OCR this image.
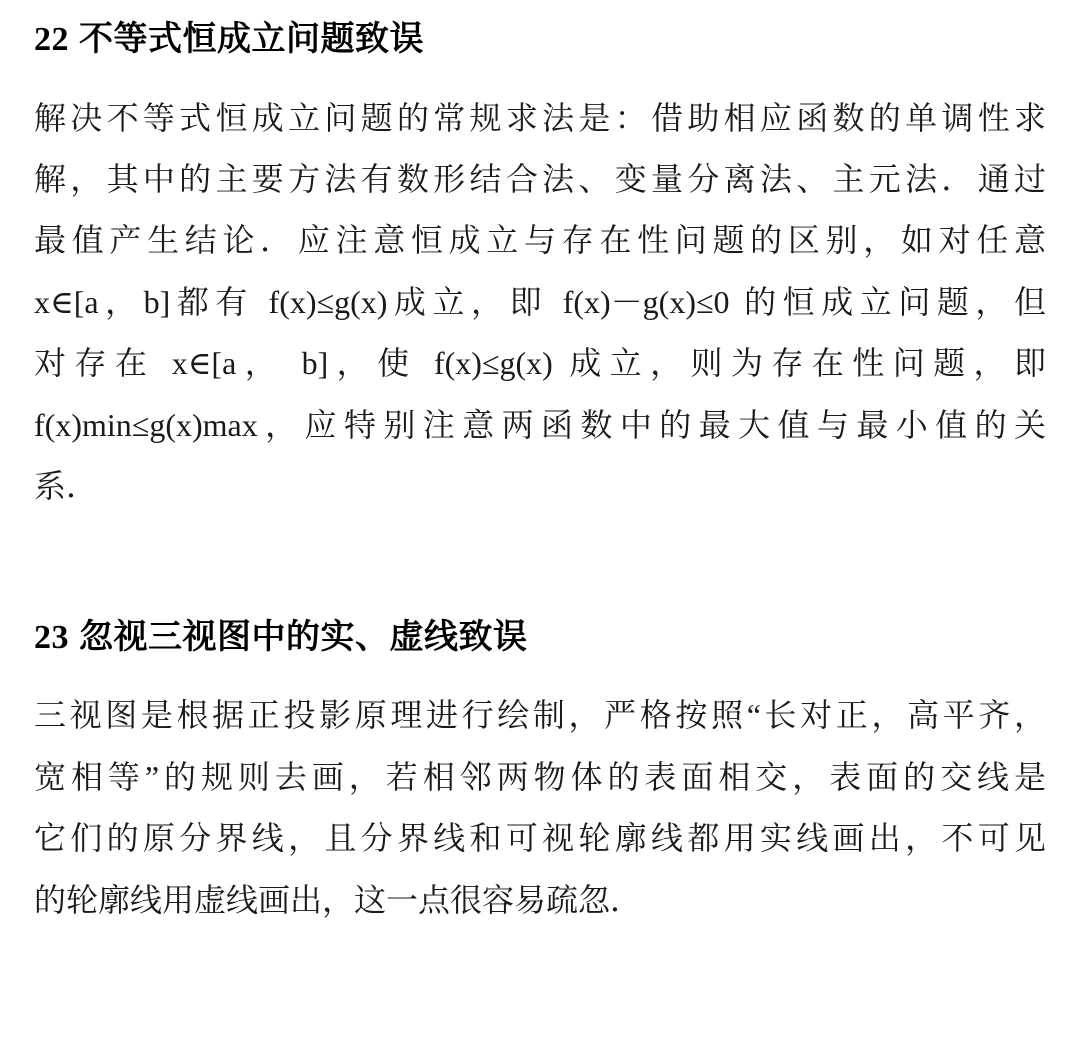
22 不等式恒成立问题致误
解决不等式恒成立问题的常规求法是：借助相应函数的单调性求
解，其中的主要方法有数形结合法、变量分离法、主元法．通过
最值产生结论．应注意恒成立与存在性问题的区别，如对任意
x∈[a，b]都有 f(x)≤g(x)成立，即 f(x)－g(x)≤0 的恒成立问题，但
对存在 x∈[a， b]，使 f(x)≤g(x) 成立，则为存在性问题，即
f(x)min≤g(x)max，应特别注意两函数中的最大值与最小值的关
系．
23 忽视三视图中的实、虚线致误
三视图是根据正投影原理进行绘制，严格按照“长对正，高平齐，
宽相等”的规则去画，若相邻两物体的表面相交，表面的交线是
它们的原分界线，且分界线和可视轮廓线都用实线画出，不可见
的轮廓线用虚线画出，这一点很容易疏忽．
